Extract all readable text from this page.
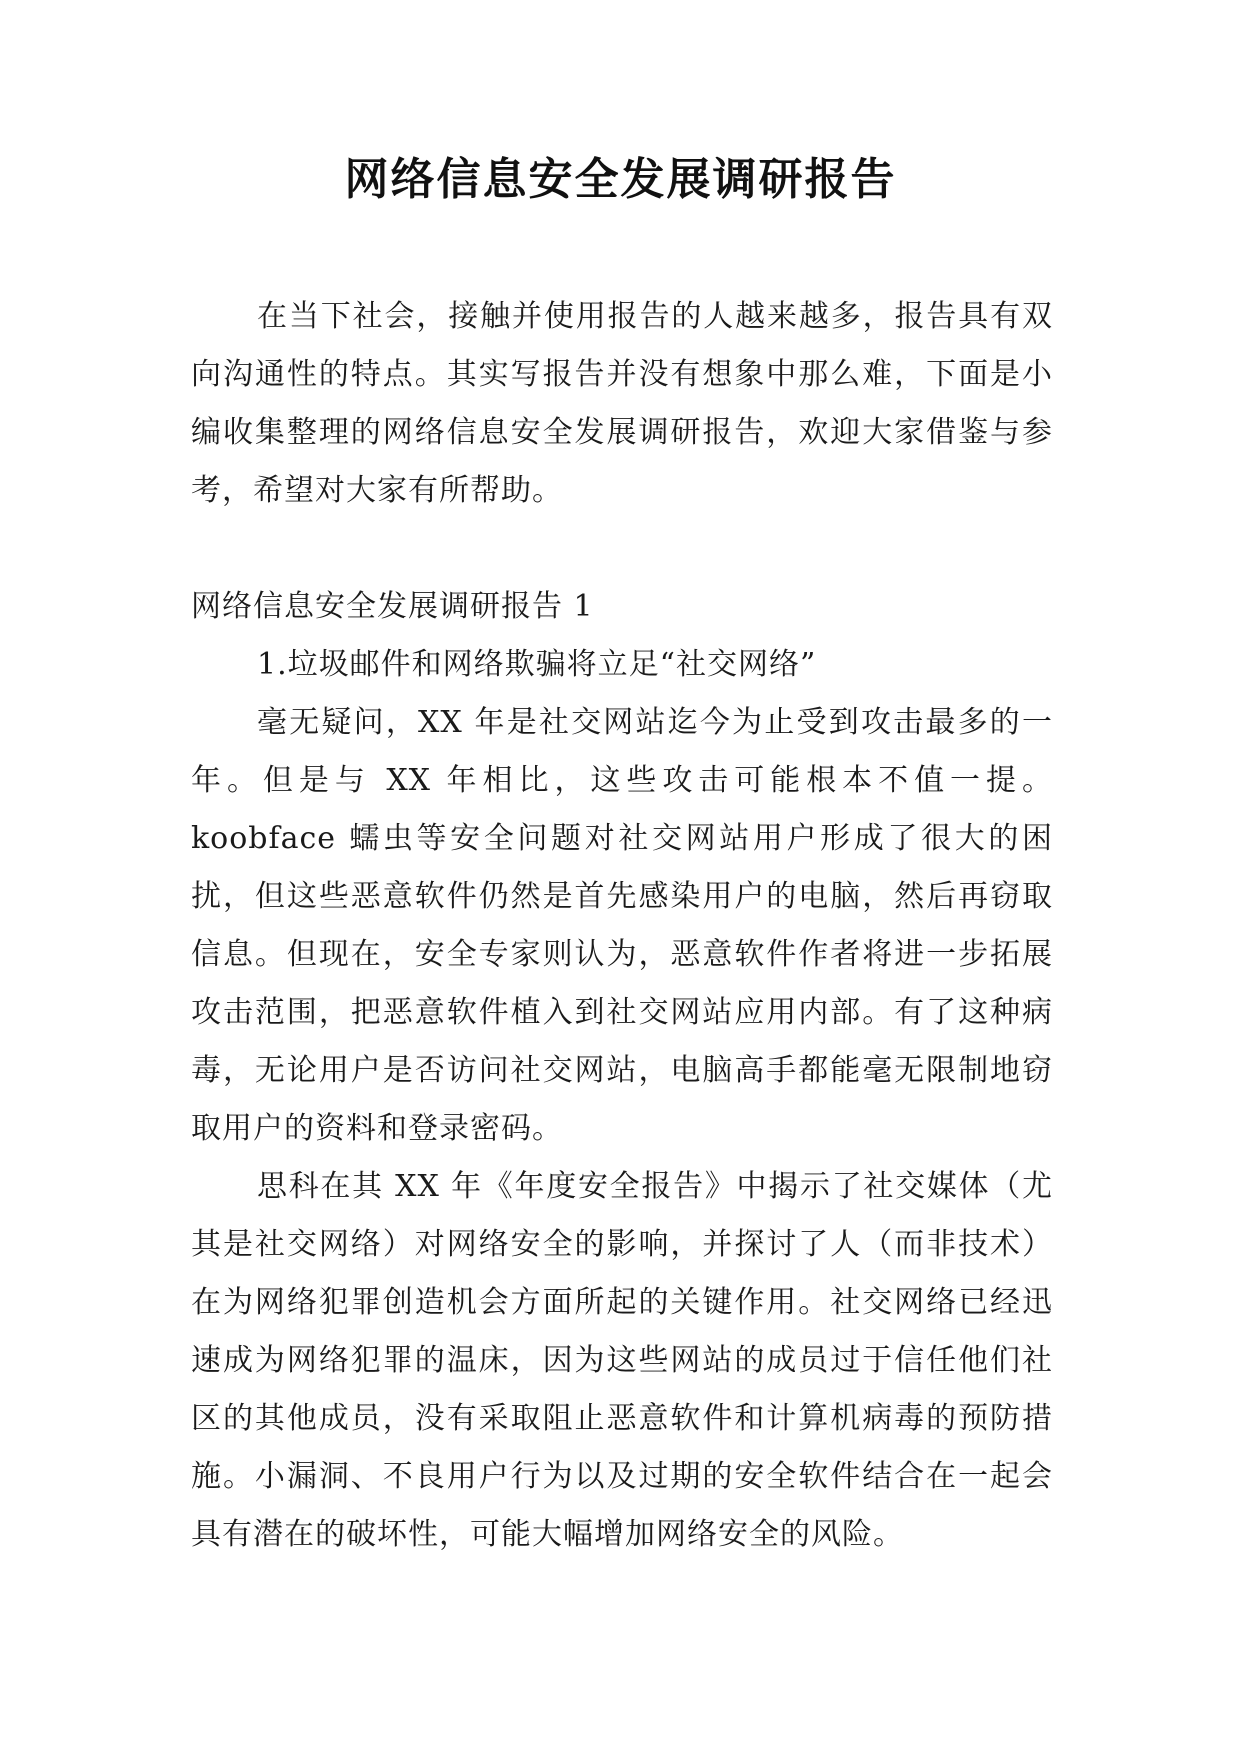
网络信息安全发展调研报告

在当下社会，接触并使用报告的人越来越多，报告具有双向沟通性的特点。其实写报告并没有想象中那么难，下面是小编收集整理的网络信息安全发展调研报告，欢迎大家借鉴与参考，希望对大家有所帮助。

网络信息安全发展调研报告 1

1.垃圾邮件和网络欺骗将立足“社交网络”

毫无疑问，XX 年是社交网站迄今为止受到攻击最多的一年。但是与 XX 年相比，这些攻击可能根本不值一提。koobface 蠕虫等安全问题对社交网站用户形成了很大的困扰，但这些恶意软件仍然是首先感染用户的电脑，然后再窃取信息。但现在，安全专家则认为，恶意软件作者将进一步拓展攻击范围，把恶意软件植入到社交网站应用内部。有了这种病毒，无论用户是否访问社交网站，电脑高手都能毫无限制地窃取用户的资料和登录密码。

思科在其 XX 年《年度安全报告》中揭示了社交媒体（尤其是社交网络）对网络安全的影响，并探讨了人（而非技术）在为网络犯罪创造机会方面所起的关键作用。社交网络已经迅速成为网络犯罪的温床，因为这些网站的成员过于信任他们社区的其他成员，没有采取阻止恶意软件和计算机病毒的预防措施。小漏洞、不良用户行为以及过期的安全软件结合在一起会具有潜在的破坏性，可能大幅增加网络安全的风险。
